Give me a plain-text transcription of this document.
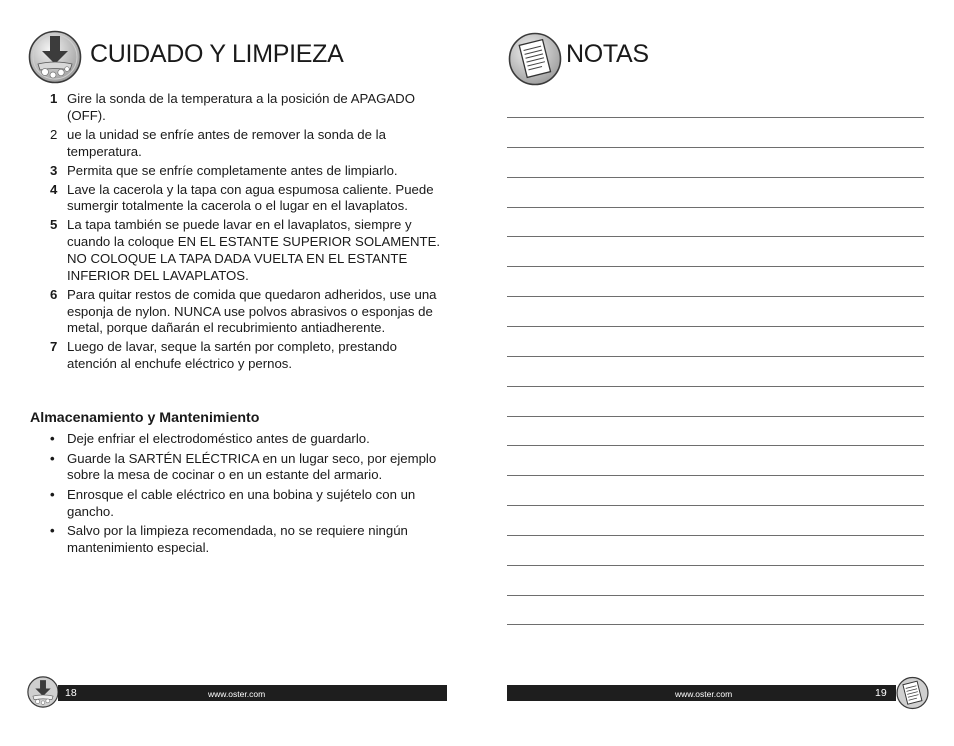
CUIDADO Y LIMPIEZA
1 Gire la sonda de la temperatura a la posición de APAGADO (OFF).
2 ue la unidad se enfríe antes de remover la sonda de la temperatura.
3 Permita que se enfríe completamente antes de limpiarlo.
4 Lave la cacerola y la tapa con agua espumosa caliente. Puede sumergir totalmente la cacerola o el lugar en el lavaplatos.
5 La tapa también se puede lavar en el lavaplatos, siempre y cuando la coloque EN EL ESTANTE SUPERIOR SOLAMENTE. NO COLOQUE LA TAPA DADA VUELTA EN EL ESTANTE INFERIOR DEL LAVAPLATOS.
6 Para quitar restos de comida que quedaron adheridos, use una esponja de nylon. NUNCA use polvos abrasivos o esponjas de metal, porque dañarán el recubrimiento antiadherente.
7 Luego de lavar, seque la sartén por completo, prestando atención al enchufe eléctrico y pernos.
Almacenamiento y Mantenimiento
• Deje enfriar el electrodoméstico antes de guardarlo.
• Guarde la SARTÉN ELÉCTRICA en un lugar seco, por ejemplo sobre la mesa de cocinar o en un estante del armario.
• Enrosque el cable eléctrico en una bobina y sujételo con un gancho.
• Salvo por la limpieza recomendada, no se requiere ningún mantenimiento especial.
18	www.oster.com
NOTAS
www.oster.com	19
